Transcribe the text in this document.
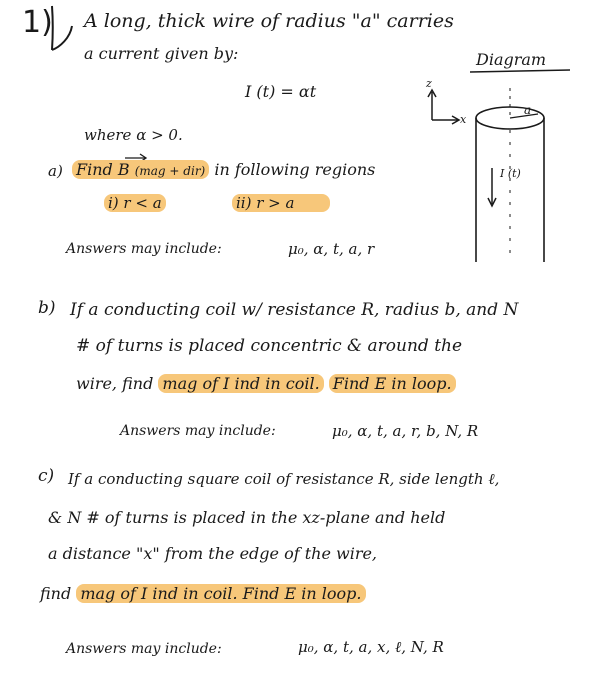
1) A long, thick wire of radius "a" carries
a current given by:	Diagram
I (t) = αt
where α > 0.
z
x
a
I (t)
a) Find B (mag + dir) in following regions
i) r < a	ii) r > a
Answers may include:	μ₀, α, t, a, r
b) If a conducting coil w/ resistance R, radius b, and N
# of turns is placed concentric & around the
wire, find mag of I ind in coil. Find E in loop.
Answers may include:	μ₀, α, t, a, r, b, N, R
c) If a conducting square coil of resistance R, side length ℓ,
& N # of turns is placed in the xz-plane and held
a distance "x" from the edge of the wire,
find mag of I ind in coil. Find E in loop.
Answers may include:	μ₀, α, t, a, x, ℓ, N, R
